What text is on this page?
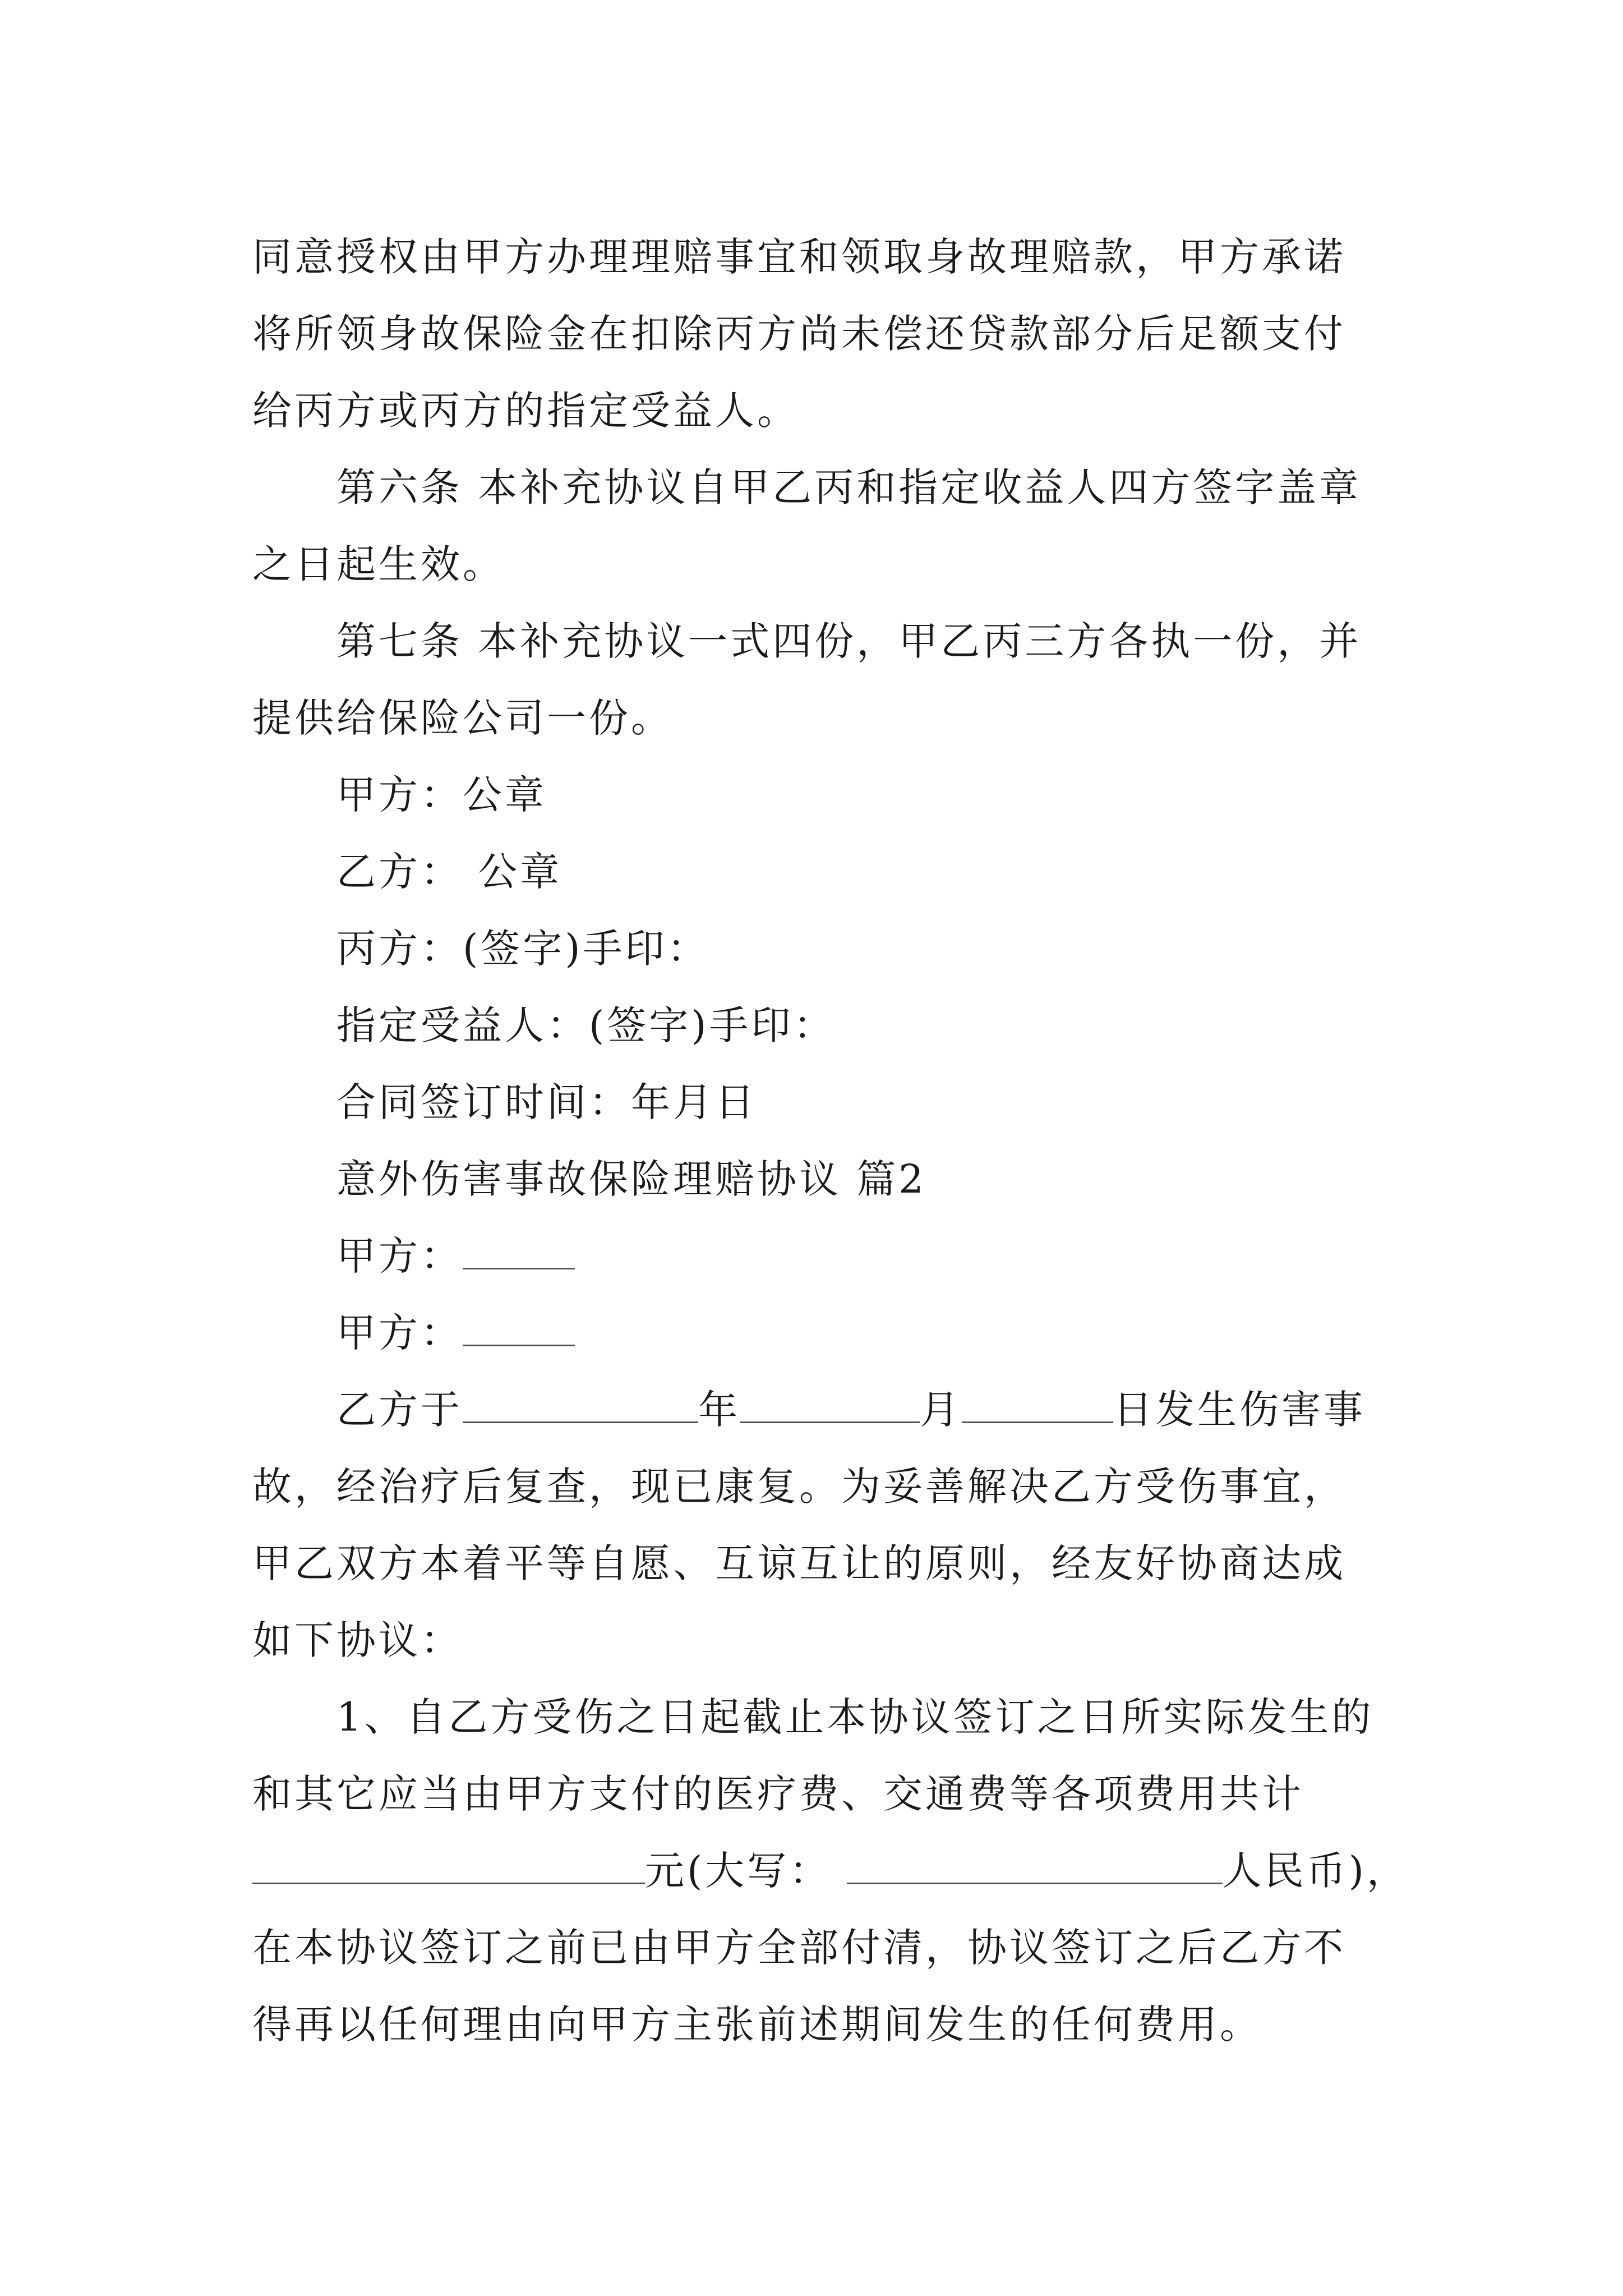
同意授权由甲方办理理赔事宜和领取身故理赔款，甲方承诺将所领身故保险金在扣除丙方尚未偿还贷款部分后足额支付给丙方或丙方的指定受益人。

第六条 本补充协议自甲乙丙和指定收益人四方签字盖章之日起生效。

第七条 本补充协议一式四份，甲乙丙三方各执一份，并提供给保险公司一份。

甲方：公章

乙方： 公章

丙方：(签字)手印：

指定受益人：(签字)手印：

合同签订时间：年月日

意外伤害事故保险理赔协议 篇2

甲方：

甲方：

乙方于	年	月	日发生伤害事

故，经治疗后复查，现已康复。为妥善解决乙方受伤事宜，甲乙双方本着平等自愿、互谅互让的原则，经友好协商达成如下协议：

1、自乙方受伤之日起截止本协议签订之日所实际发生的和其它应当由甲方支付的医疗费、交通费等各项费用共计

元(大写：	人民币)，

在本协议签订之前已由甲方全部付清，协议签订之后乙方不得再以任何理由向甲方主张前述期间发生的任何费用。
